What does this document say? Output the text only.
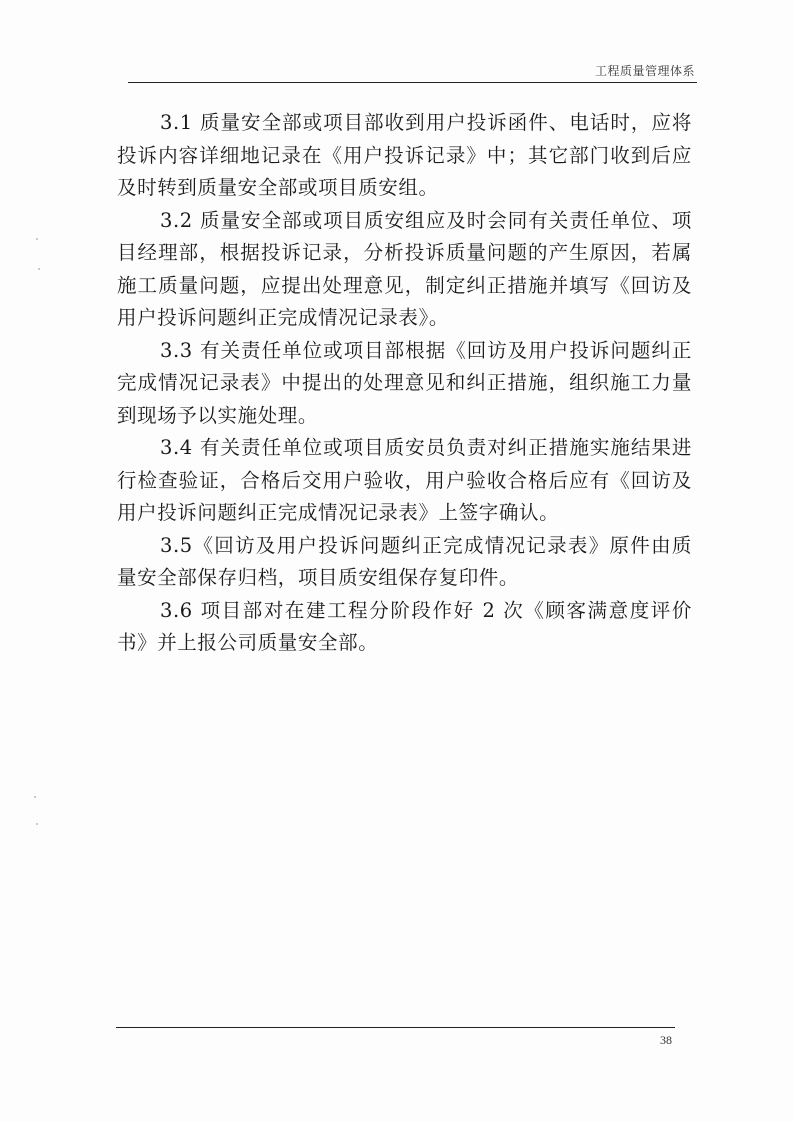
工程质量管理体系

3.1 质量安全部或项目部收到用户投诉函件、电话时，应将投诉内容详细地记录在《用户投诉记录》中；其它部门收到后应及时转到质量安全部或项目质安组。

3.2 质量安全部或项目质安组应及时会同有关责任单位、项目经理部，根据投诉记录，分析投诉质量问题的产生原因，若属施工质量问题，应提出处理意见，制定纠正措施并填写《回访及用户投诉问题纠正完成情况记录表》。

3.3 有关责任单位或项目部根据《回访及用户投诉问题纠正完成情况记录表》中提出的处理意见和纠正措施，组织施工力量到现场予以实施处理。

3.4 有关责任单位或项目质安员负责对纠正措施实施结果进行检查验证，合格后交用户验收，用户验收合格后应有《回访及用户投诉问题纠正完成情况记录表》上签字确认。

3.5《回访及用户投诉问题纠正完成情况记录表》原件由质量安全部保存归档，项目质安组保存复印件。

3.6 项目部对在建工程分阶段作好 2 次《顾客满意度评价书》并上报公司质量安全部。

38
